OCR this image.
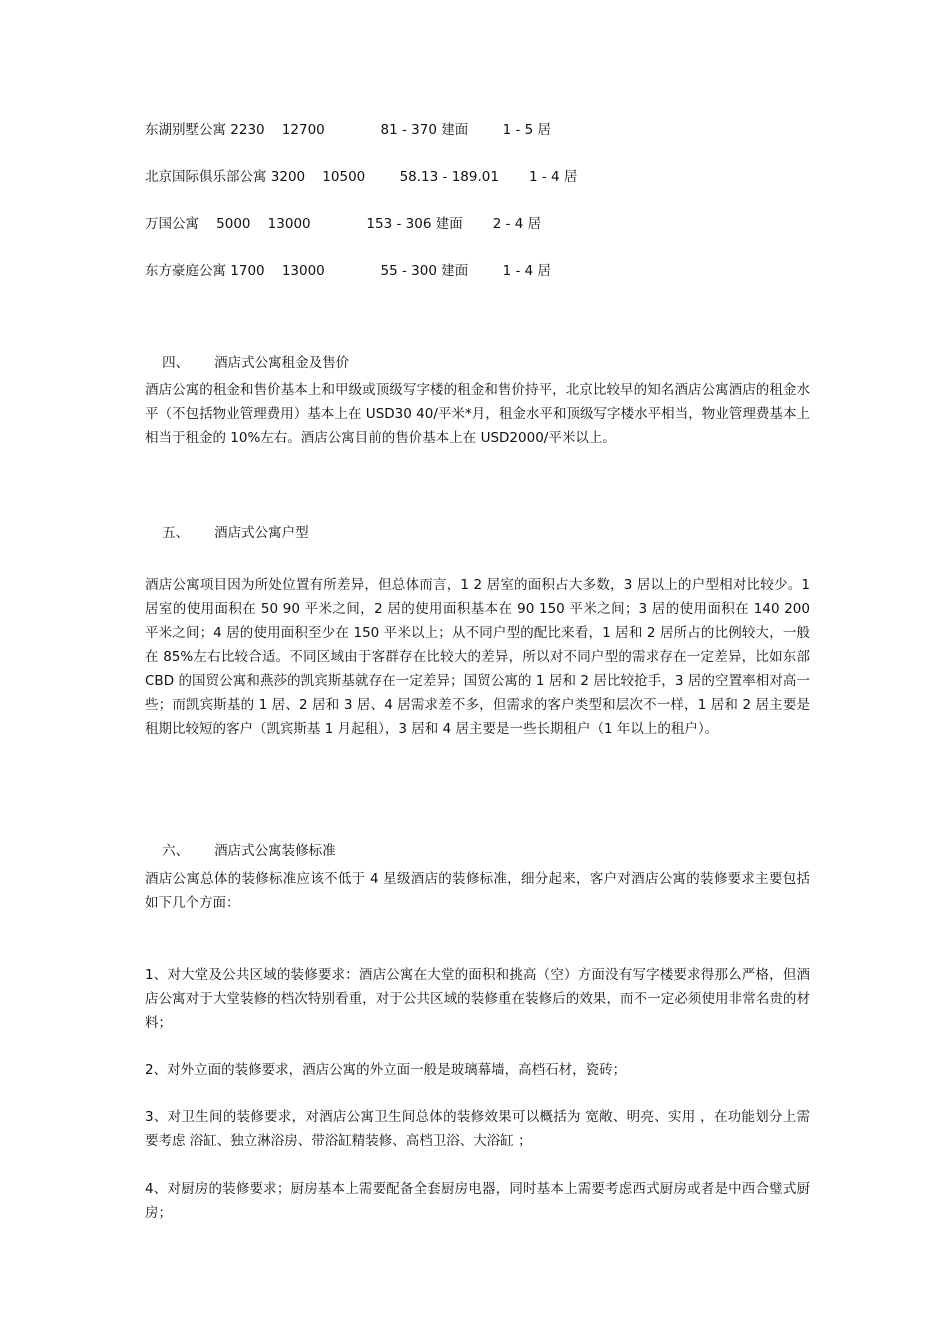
东湖别墅公寓 2230    12700             81 - 370 建面        1 - 5 居
北京国际俱乐部公寓 3200    10500        58.13 - 189.01       1 - 4 居
万国公寓    5000    13000             153 - 306 建面       2 - 4 居
东方豪庭公寓 1700    13000             55 - 300 建面        1 - 4 居

四、 酒店式公寓租金及售价

酒店公寓的租金和售价基本上和甲级或顶级写字楼的租金和售价持平，北京比较早的知名酒店公寓酒店的租金水平（不包括物业管理费用）基本上在 USD30 40/平米*月，租金水平和顶级写字楼水平相当，物业管理费基本上相当于租金的 10%左右。酒店公寓目前的售价基本上在 USD2000/平米以上。

五、 酒店式公寓户型

酒店公寓项目因为所处位置有所差异，但总体而言，1 2 居室的面积占大多数，3 居以上的户型相对比较少。1 居室的使用面积在 50 90 平米之间，2 居的使用面积基本在 90 150 平米之间；3 居的使用面积在 140 200 平米之间；4 居的使用面积至少在 150 平米以上；从不同户型的配比来看，1 居和 2 居所占的比例较大，一般在 85%左右比较合适。不同区域由于客群存在比较大的差异，所以对不同户型的需求存在一定差异，比如东部 CBD 的国贸公寓和燕莎的凯宾斯基就存在一定差异；国贸公寓的 1 居和 2 居比较抢手，3 居的空置率相对高一些；而凯宾斯基的 1 居、2 居和 3 居、4 居需求差不多，但需求的客户类型和层次不一样，1 居和 2 居主要是租期比较短的客户（凯宾斯基 1 月起租），3 居和 4 居主要是一些长期租户（1 年以上的租户）。

六、 酒店式公寓装修标准

酒店公寓总体的装修标准应该不低于 4 星级酒店的装修标准，细分起来，客户对酒店公寓的装修要求主要包括如下几个方面：
1、对大堂及公共区域的装修要求：酒店公寓在大堂的面积和挑高（空）方面没有写字楼要求得那么严格，但酒店公寓对于大堂装修的档次特别看重，对于公共区域的装修重在装修后的效果，而不一定必须使用非常名贵的材料；
2、对外立面的装修要求，酒店公寓的外立面一般是玻璃幕墙，高档石材，瓷砖；
3、对卫生间的装修要求，对酒店公寓卫生间总体的装修效果可以概括为 宽敞、明亮、实用 ，在功能划分上需要考虑 浴缸、独立淋浴房、带浴缸精装修、高档卫浴、大浴缸 ；
4、对厨房的装修要求；厨房基本上需要配备全套厨房电器，同时基本上需要考虑西式厨房或者是中西合璧式厨房；
